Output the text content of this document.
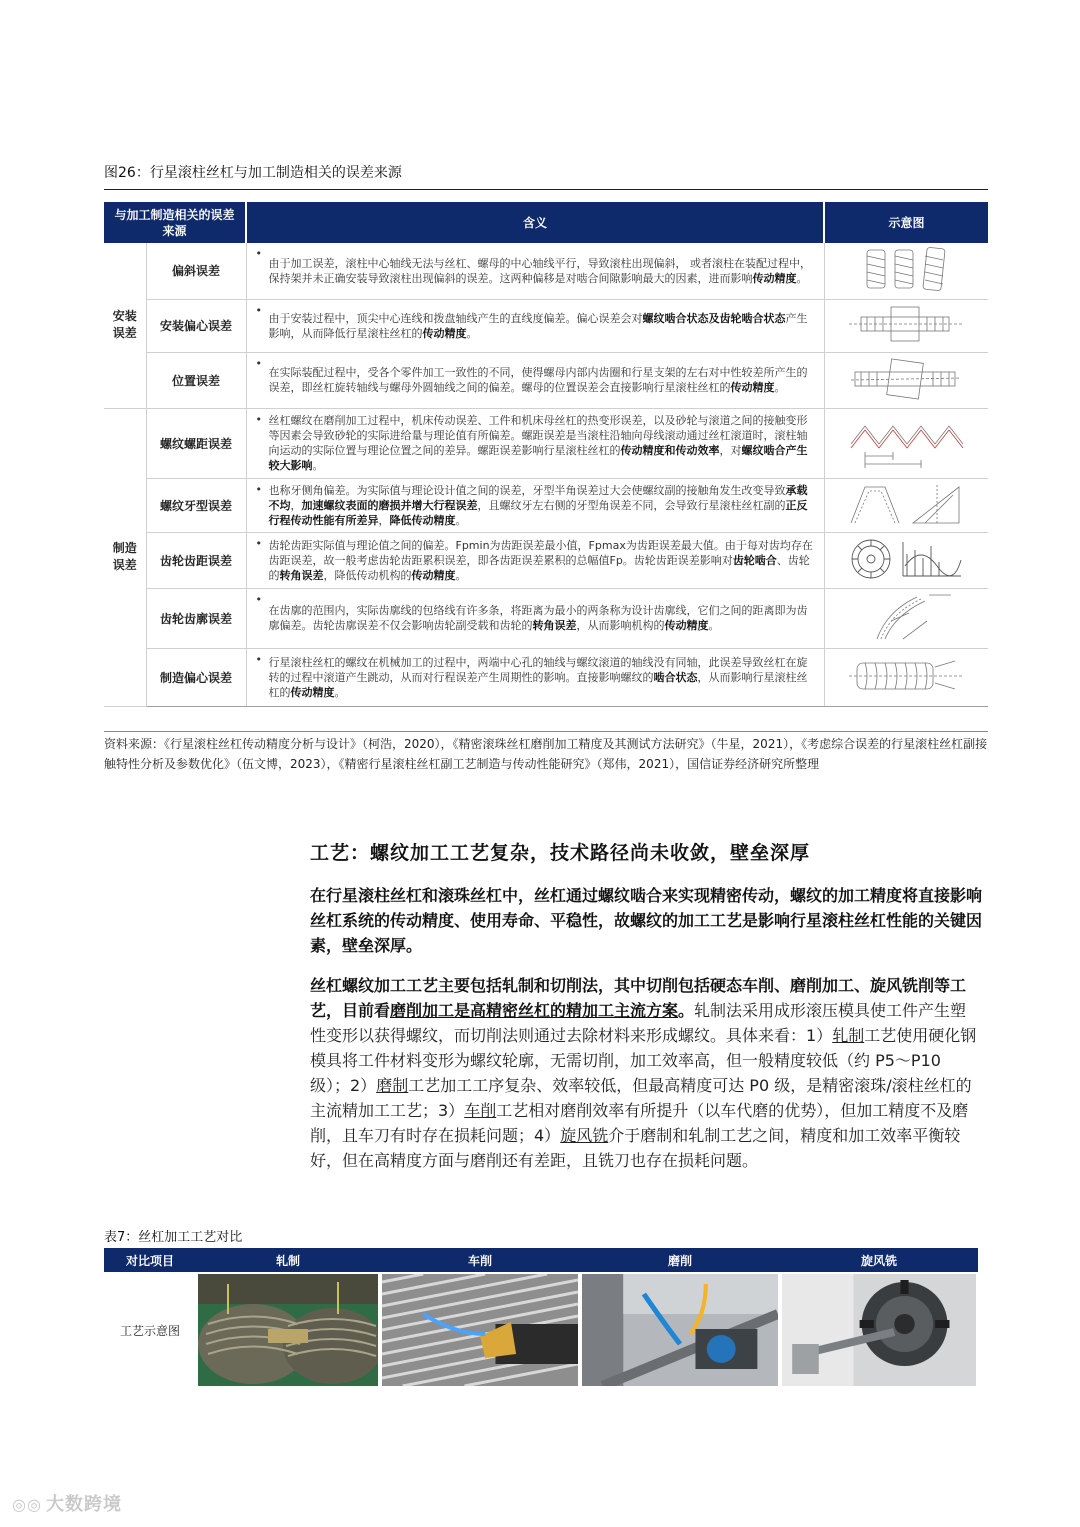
图26：行星滚柱丝杠与加工制造相关的误差来源
与加工制造相关的误差来源		含义	示意图
安装误差	偏斜误差	• 由于加工误差，滚柱中心轴线无法与丝杠、螺母的中心轴线平行，导致滚柱出现偏斜， 或者滚柱在装配过程中，保持架并未正确安装导致滚柱出现偏斜的误差。这两种偏移是对啮合间隙影响最大的因素，进而影响传动精度。	

	安装偏心误差	• 由于安装过程中，顶尖中心连线和拨盘轴线产生的直线度偏差。偏心误差会对螺纹啮合状态及齿轮啮合状态产生影响，从而降低行星滚柱丝杠的传动精度。	

	位置误差	• 在实际装配过程中，受各个零件加工一致性的不同，使得螺母内部内齿圈和行星支架的左右对中性较差所产生的误差，即丝杠旋转轴线与螺母外圆轴线之间的偏差。螺母的位置误差会直接影响行星滚柱丝杠的传动精度。	

制造误差	螺纹螺距误差	• 丝杠螺纹在磨削加工过程中，机床传动误差、工件和机床母丝杠的热变形误差，以及砂轮与滚道之间的接触变形等因素会导致砂轮的实际进给量与理论值有所偏差。螺距误差是当滚柱沿轴向母线滚动通过丝杠滚道时，滚柱轴向运动的实际位置与理论位置之间的差异。螺距误差影响行星滚柱丝杠的传动精度和传动效率，对螺纹啮合产生较大影响。	

	螺纹牙型误差	• 也称牙侧角偏差。为实际值与理论设计值之间的误差，牙型半角误差过大会使螺纹副的接触角发生改变导致承载不均，加速螺纹表面的磨损并增大行程误差，且螺纹牙左右侧的牙型角误差不同，会导致行星滚柱丝杠副的正反行程传动性能有所差异，降低传动精度。	

	齿轮齿距误差	• 齿轮齿距实际值与理论值之间的偏差。Fpmin为齿距误差最小值，Fpmax为齿距误差最大值。由于每对齿均存在齿距误差，故一般考虑齿轮齿距累积误差，即各齿距误差累积的总幅值Fp。齿轮齿距误差影响对齿轮啮合、齿轮的转角误差，降低传动机构的传动精度。	

	齿轮齿廓误差	• 在齿廓的范围内，实际齿廓线的包络线有许多条，将距离为最小的两条称为设计齿廓线，它们之间的距离即为齿廓偏差。齿轮齿廓误差不仅会影响齿轮副受载和齿轮的转角误差，从而影响机构的传动精度。	

	制造偏心误差	• 行星滚柱丝杠的螺纹在机械加工的过程中，两端中心孔的轴线与螺纹滚道的轴线没有同轴，此误差导致丝杠在旋转的过程中滚道产生跳动，从而对行程误差产生周期性的影响。直接影响螺纹的啮合状态，从而影响行星滚柱丝杠的传动精度。	
资料来源：《行星滚柱丝杠传动精度分析与设计》（柯浩，2020），《精密滚珠丝杠磨削加工精度及其测试方法研究》（牛星，2021），《考虑综合误差的行星滚柱丝杠副接触特性分析及参数优化》（伍文博，2023），《精密行星滚柱丝杠副工艺制造与传动性能研究》（郑伟，2021），国信证券经济研究所整理
工艺：螺纹加工工艺复杂，技术路径尚未收敛，壁垒深厚
在行星滚柱丝杠和滚珠丝杠中，丝杠通过螺纹啮合来实现精密传动，螺纹的加工精度将直接影响丝杠系统的传动精度、使用寿命、平稳性，故螺纹的加工工艺是影响行星滚柱丝杠性能的关键因素，壁垒深厚。
丝杠螺纹加工工艺主要包括轧制和切削法，其中切削包括硬态车削、磨削加工、旋风铣削等工艺，目前看磨削加工是高精密丝杠的精加工主流方案。轧制法采用成形滚压模具使工件产生塑性变形以获得螺纹，而切削法则通过去除材料来形成螺纹。具体来看：1）轧制工艺使用硬化钢模具将工件材料变形为螺纹轮廓，无需切削，加工效率高，但一般精度较低（约 P5～P10 级）；2）磨制工艺加工工序复杂、效率较低，但最高精度可达 P0 级，是精密滚珠/滚柱丝杠的主流精加工工艺；3）车削工艺相对磨削效率有所提升（以车代磨的优势），但加工精度不及磨削，且车刀有时存在损耗问题；4）旋风铣介于磨制和轧制工艺之间，精度和加工效率平衡较好，但在高精度方面与磨削还有差距，且铣刀也存在损耗问题。
表7：丝杠加工工艺对比
对比项目	轧制	车削	磨削	旋风铣
工艺示意图	

◎◎ 大数跨境
